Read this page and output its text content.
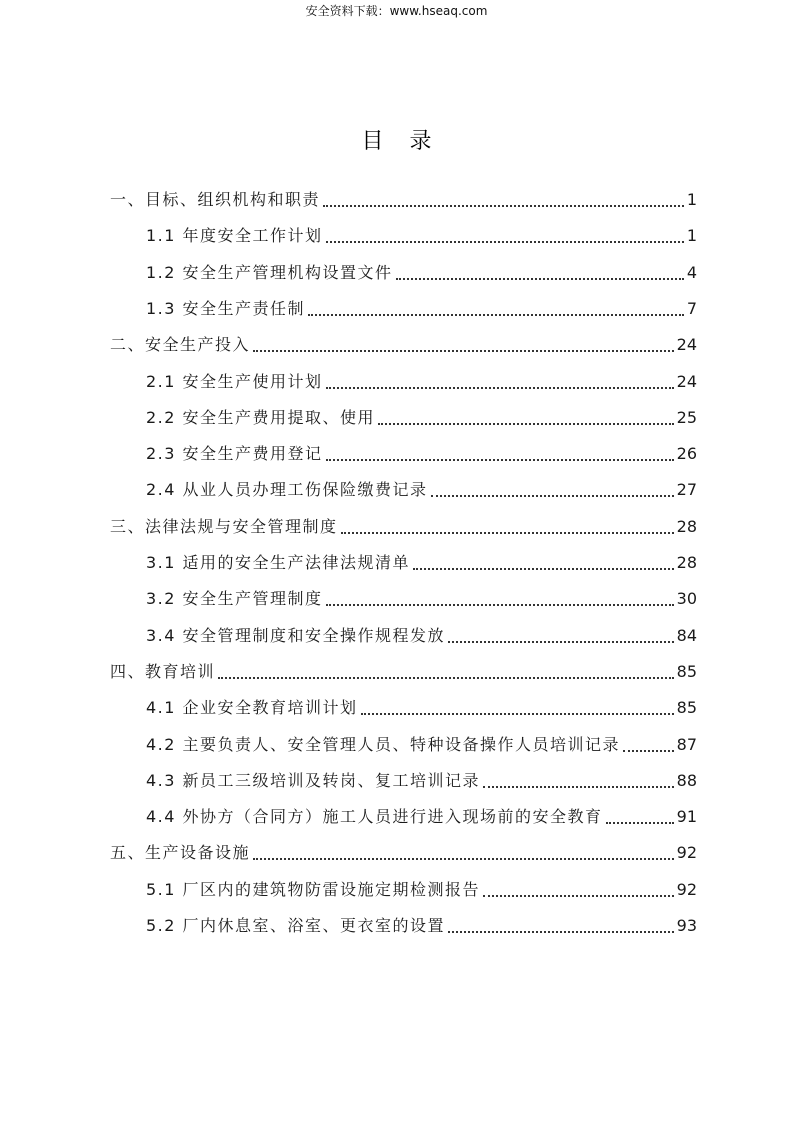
安全资料下载：www.hseaq.com
目录
一、目标、组织机构和职责	1
1.1 年度安全工作计划	1
1.2 安全生产管理机构设置文件	4
1.3 安全生产责任制	7
二、安全生产投入	24
2.1 安全生产使用计划	24
2.2 安全生产费用提取、使用	25
2.3 安全生产费用登记	26
2.4 从业人员办理工伤保险缴费记录	27
三、法律法规与安全管理制度	28
3.1 适用的安全生产法律法规清单	28
3.2 安全生产管理制度	30
3.4 安全管理制度和安全操作规程发放	84
四、教育培训	85
4.1 企业安全教育培训计划	85
4.2 主要负责人、安全管理人员、特种设备操作人员培训记录	87
4.3 新员工三级培训及转岗、复工培训记录	88
4.4 外协方（合同方）施工人员进行进入现场前的安全教育	91
五、生产设备设施	92
5.1 厂区内的建筑物防雷设施定期检测报告	92
5.2 厂内休息室、浴室、更衣室的设置	93
